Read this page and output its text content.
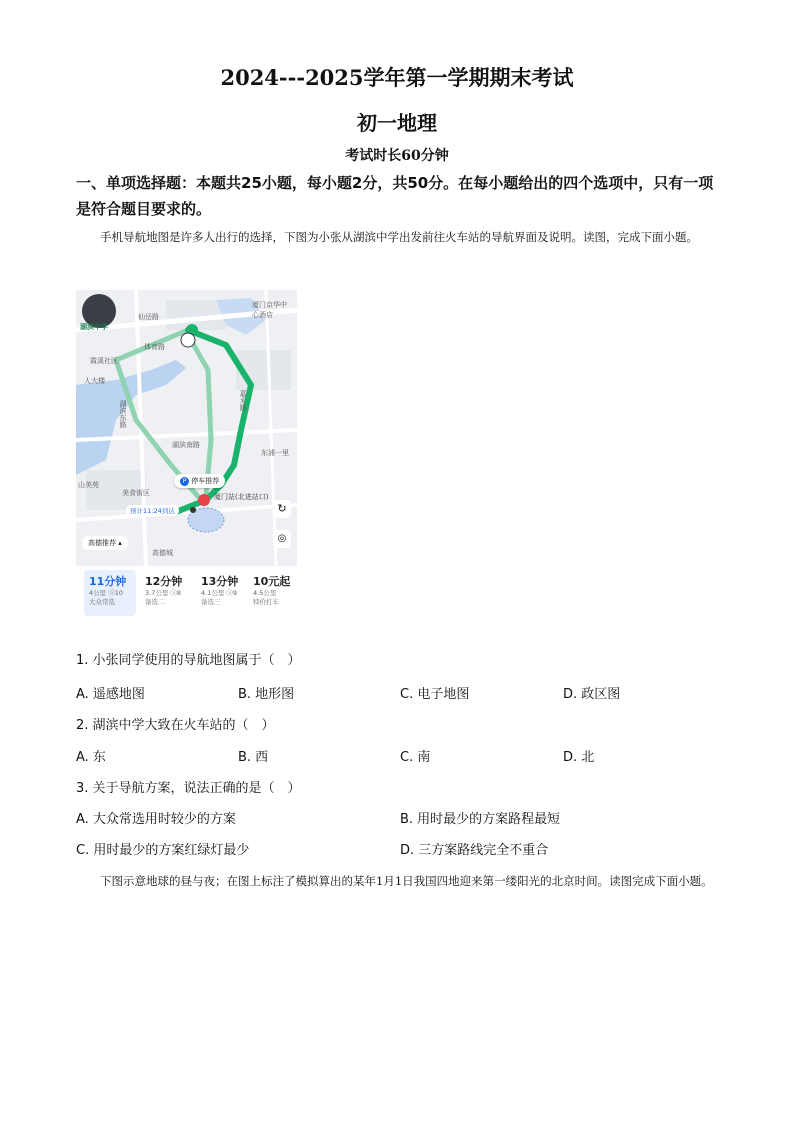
2024---2025学年第一学期期末考试
初一地理
考试时长60分钟
一、单项选择题：本题共25小题，每小题2分，共50分。在每小题给出的四个选项中，只有一项是符合题目要求的。
手机导航地图是许多人出行的选择，下图为小张从湖滨中学出发前往火车站的导航界面及说明。读图，完成下面小题。
湖滨中学
仙岳路
体育路
湖滨东路
湖滨南路
嘉禾路
东浦一里
厦门京华中心酒店
霞溪社区
人大楼
美食街区
山美苑
高德城
厦门站(北进站口)
P 停车推荐
预计11:24到达
高德推荐 ▴
↻
◎
11分钟
4公里 ⓐ10
大众常选
12分钟
3.7公里 ⓐ8
备选二
13分钟
4.1公里 ⓐ9
备选三
10元起
4.5公里
特价打车
1. 小张同学使用的导航地图属于（　）
A. 遥感地图	B. 地形图	C. 电子地图	D. 政区图
2. 湖滨中学大致在火车站的（　）
A. 东	B. 西	C. 南	D. 北
3. 关于导航方案，说法正确的是（　）
A. 大众常选用时较少的方案	B. 用时最少的方案路程最短
C. 用时最少的方案红绿灯最少	D. 三方案路线完全不重合
下图示意地球的昼与夜；在图上标注了模拟算出的某年1月1日我国四地迎来第一缕阳光的北京时间。读图完成下面小题。
